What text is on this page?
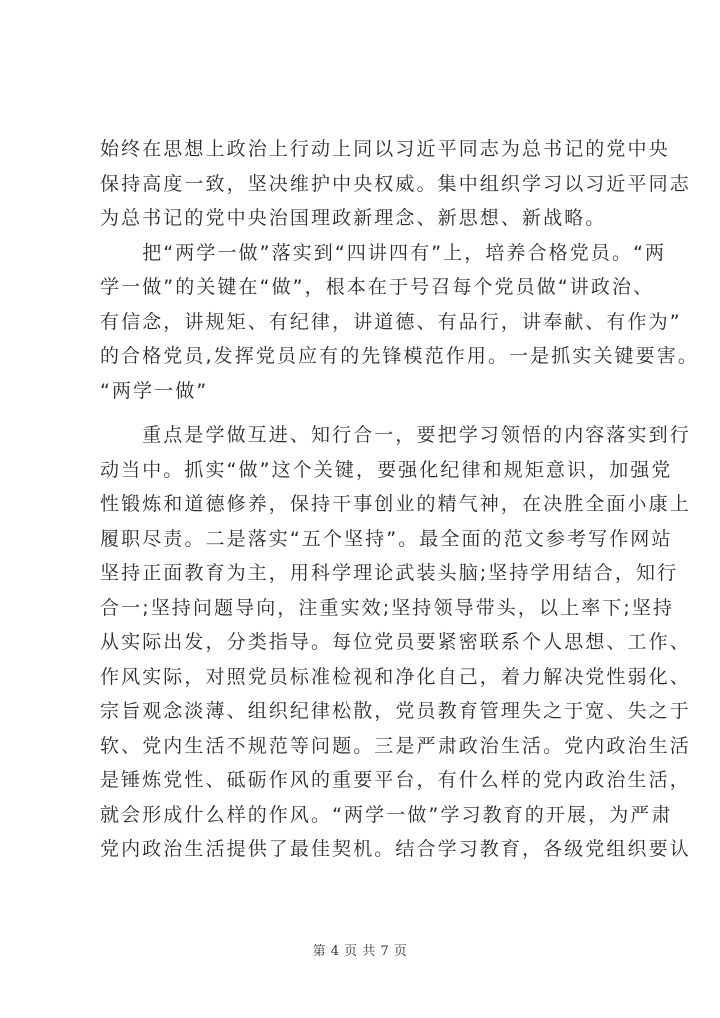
始终在思想上政治上行动上同以习近平同志为总书记的党中央
保持高度一致，坚决维护中央权威。集中组织学习以习近平同志
为总书记的党中央治国理政新理念、新思想、新战略。
　　把“两学一做”落实到“四讲四有”上，培养合格党员。“两
学一做”的关键在“做”，根本在于号召每个党员做“讲政治、
有信念，讲规矩、有纪律，讲道德、有品行，讲奉献、有作为”
的合格党员,发挥党员应有的先锋模范作用。一是抓实关键要害。
“两学一做”
　　重点是学做互进、知行合一，要把学习领悟的内容落实到行
动当中。抓实“做”这个关键，要强化纪律和规矩意识，加强党
性锻炼和道德修养，保持干事创业的精气神，在决胜全面小康上
履职尽责。二是落实“五个坚持”。最全面的范文参考写作网站
坚持正面教育为主，用科学理论武装头脑;坚持学用结合，知行
合一;坚持问题导向，注重实效;坚持领导带头，以上率下;坚持
从实际出发，分类指导。每位党员要紧密联系个人思想、工作、
作风实际，对照党员标准检视和净化自己，着力解决党性弱化、
宗旨观念淡薄、组织纪律松散，党员教育管理失之于宽、失之于
软、党内生活不规范等问题。三是严肃政治生活。党内政治生活
是锤炼党性、砥砺作风的重要平台，有什么样的党内政治生活，
就会形成什么样的作风。“两学一做”学习教育的开展，为严肃
党内政治生活提供了最佳契机。结合学习教育，各级党组织要认
第 4 页 共 7 页
